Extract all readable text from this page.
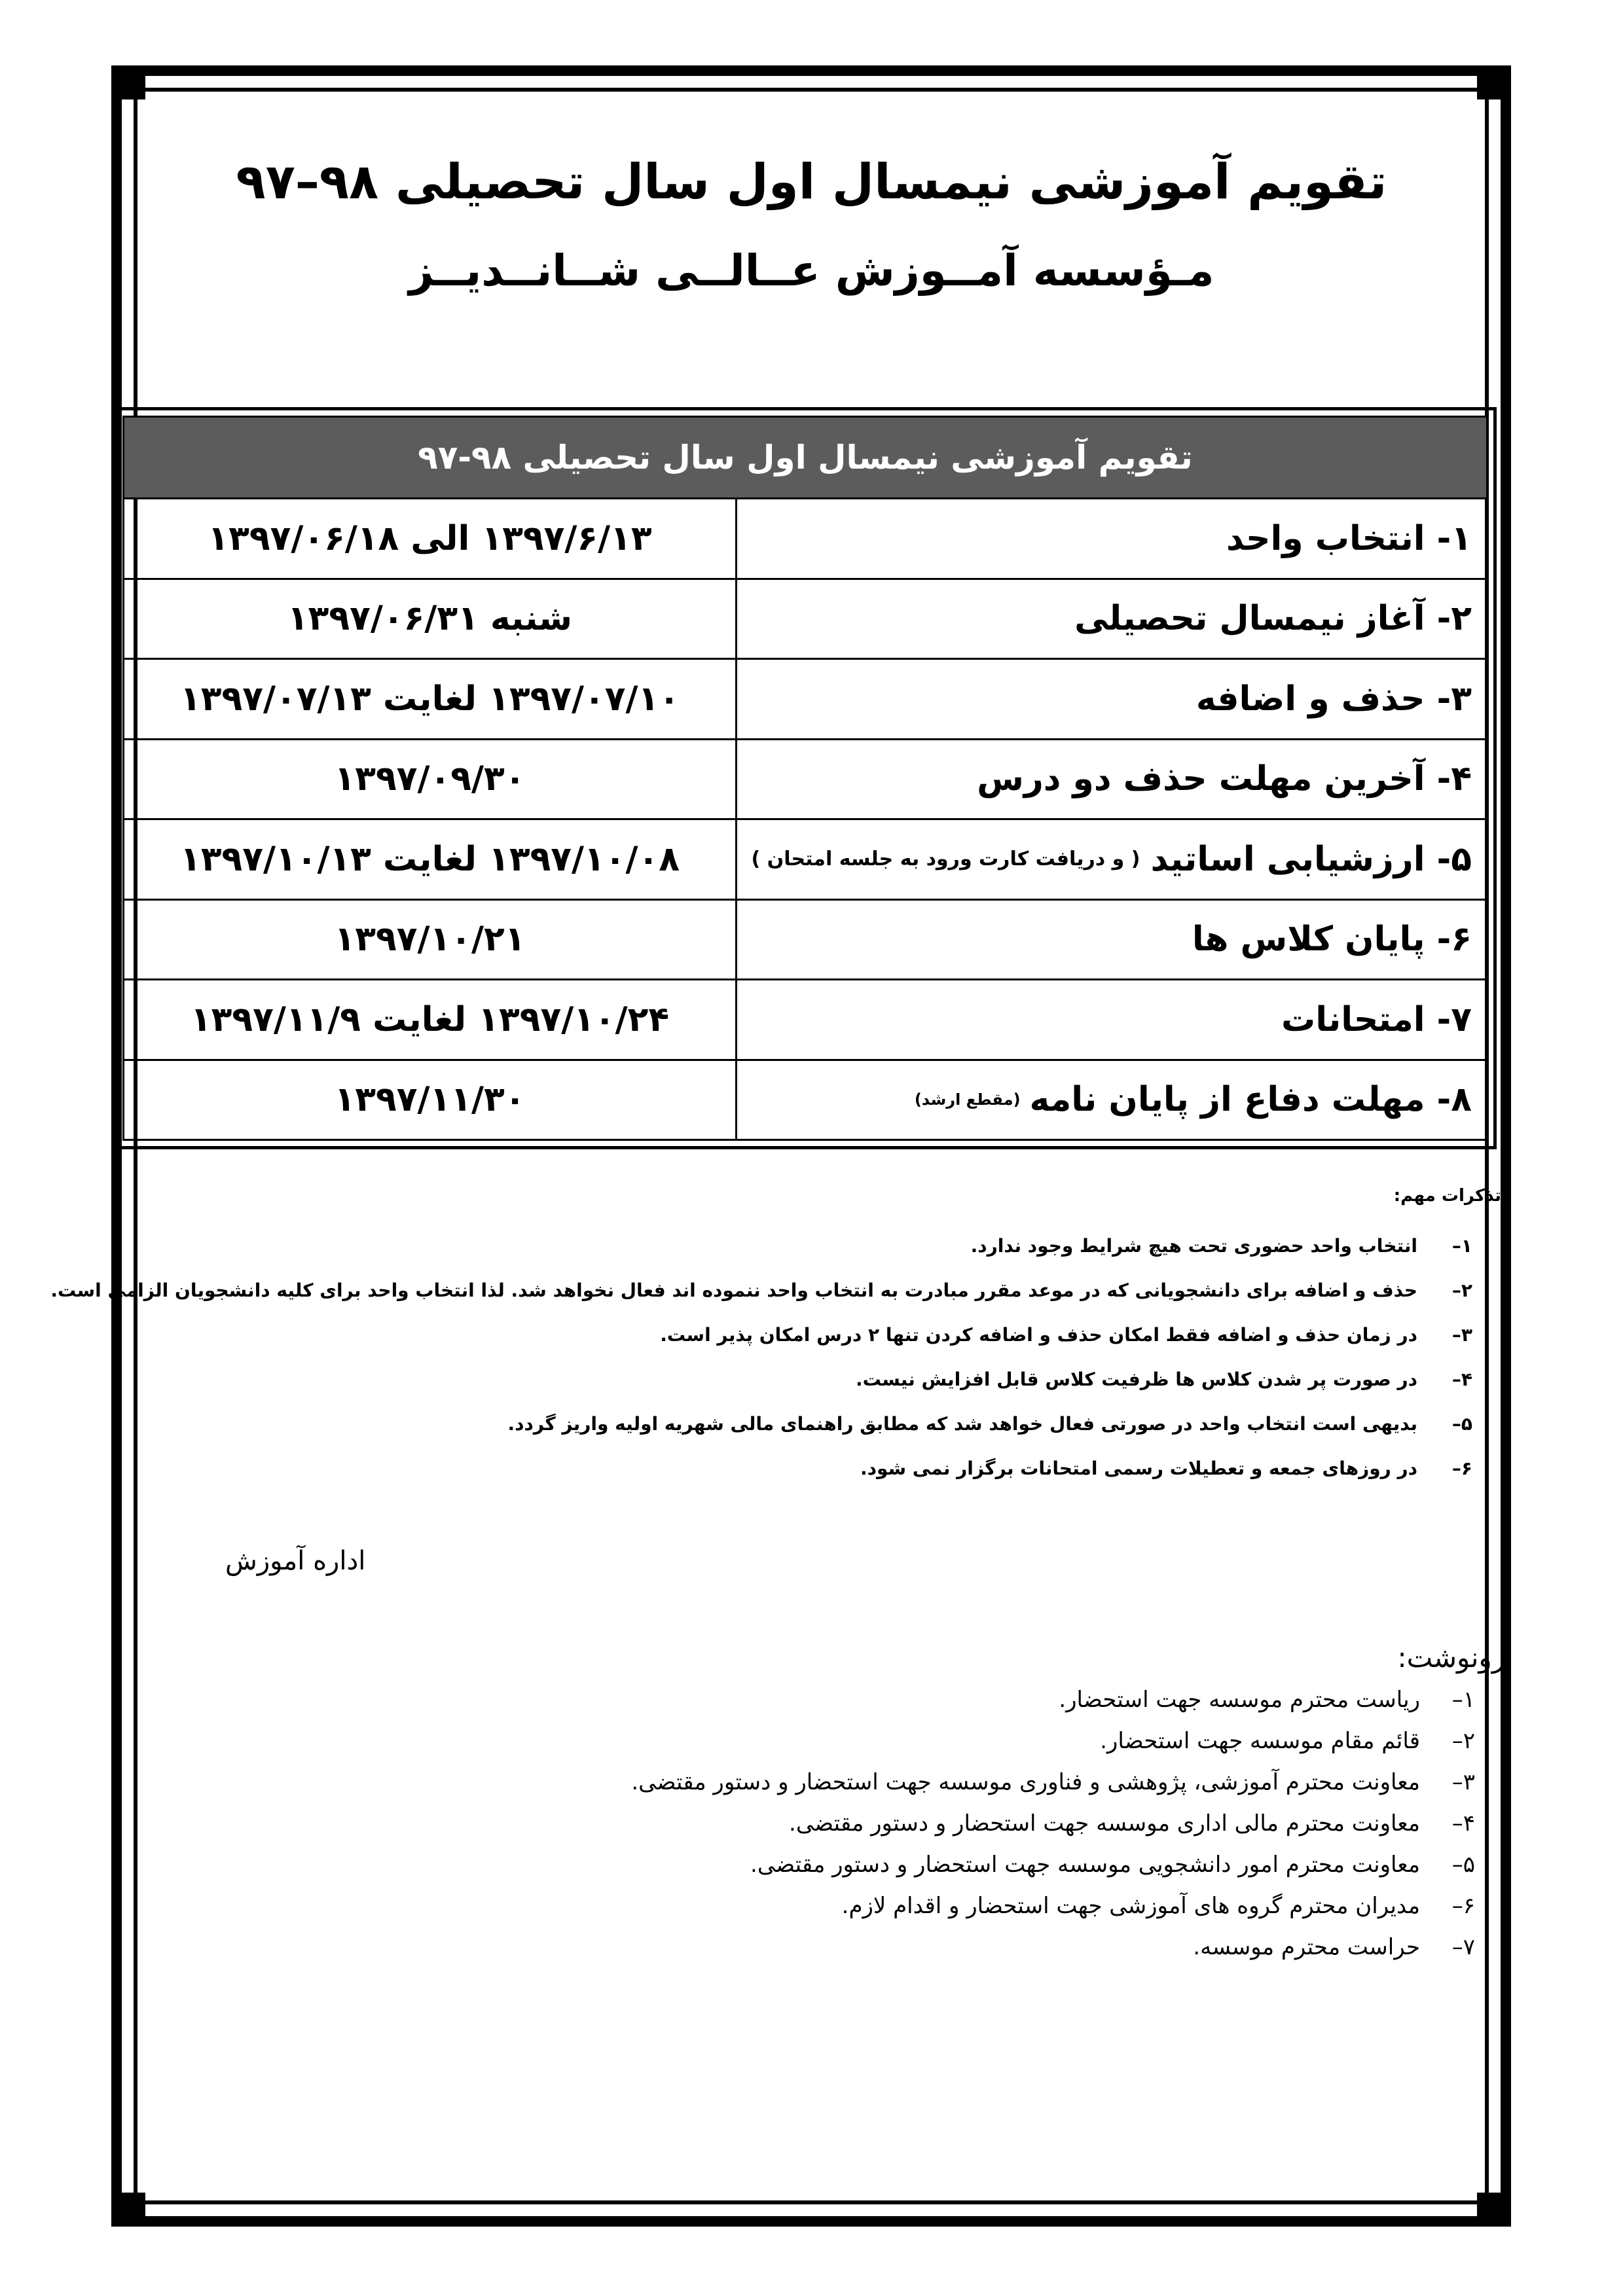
تقویم آموزشی نیمسال اول سال تحصیلی ۹۸–۹۷
مـؤسسه آمــوزش عــالــی شــانــدیــز
تقویم آموزشی نیمسال اول سال تحصیلی ۹۸-۹۷
۱- انتخاب واحد
۱۳۹۷/۶/۱۳ الی ۱۳۹۷/۰۶/۱۸
۲- آغاز نیمسال تحصیلی
شنبه ۱۳۹۷/۰۶/۳۱
۳- حذف و اضافه
۱۳۹۷/۰۷/۱۰ لغایت ۱۳۹۷/۰۷/۱۳
۴- آخرین مهلت حذف دو درس
۱۳۹۷/۰۹/۳۰
۵- ارزشیابی اساتید
( و دریافت کارت ورود به جلسه امتحان )
۱۳۹۷/۱۰/۰۸ لغایت ۱۳۹۷/۱۰/۱۳
۶- پایان کلاس ها
۱۳۹۷/۱۰/۲۱
۷- امتحانات
۱۳۹۷/۱۰/۲۴ لغایت ۱۳۹۷/۱۱/۹
۸- مهلت دفاع از پایان نامه
(مقطع ارشد)
۱۳۹۷/۱۱/۳۰
تذکرات مهم:
۱–
انتخاب واحد حضوری تحت هیچ شرایط وجود ندارد.
۲–
حذف و اضافه برای دانشجویانی که در موعد مقرر مبادرت به انتخاب واحد ننموده اند فعال نخواهد شد. لذا انتخاب واحد برای کلیه دانشجویان الزامی است.
۳–
در زمان حذف و اضافه فقط امکان حذف و اضافه کردن تنها ۲ درس امکان پذیر است.
۴–
در صورت پر شدن کلاس ها ظرفیت کلاس قابل افزایش نیست.
۵–
بدیهی است انتخاب واحد در صورتی فعال خواهد شد که مطابق راهنمای مالی شهریه اولیه واریز گردد.
۶–
در روزهای جمعه و تعطیلات رسمی امتحانات برگزار نمی شود.
اداره آموزش
رونوشت:
۱–
ریاست محترم موسسه جهت استحضار.
۲–
قائم مقام موسسه جهت استحضار.
۳–
معاونت محترم آموزشی، پژوهشی و فناوری موسسه جهت استحضار و دستور مقتضی.
۴–
معاونت محترم مالی اداری موسسه جهت استحضار و دستور مقتضی.
۵–
معاونت محترم امور دانشجویی موسسه جهت استحضار و دستور مقتضی.
۶–
مدیران محترم گروه های آموزشی جهت استحضار و اقدام لازم.
۷–
حراست محترم موسسه.
